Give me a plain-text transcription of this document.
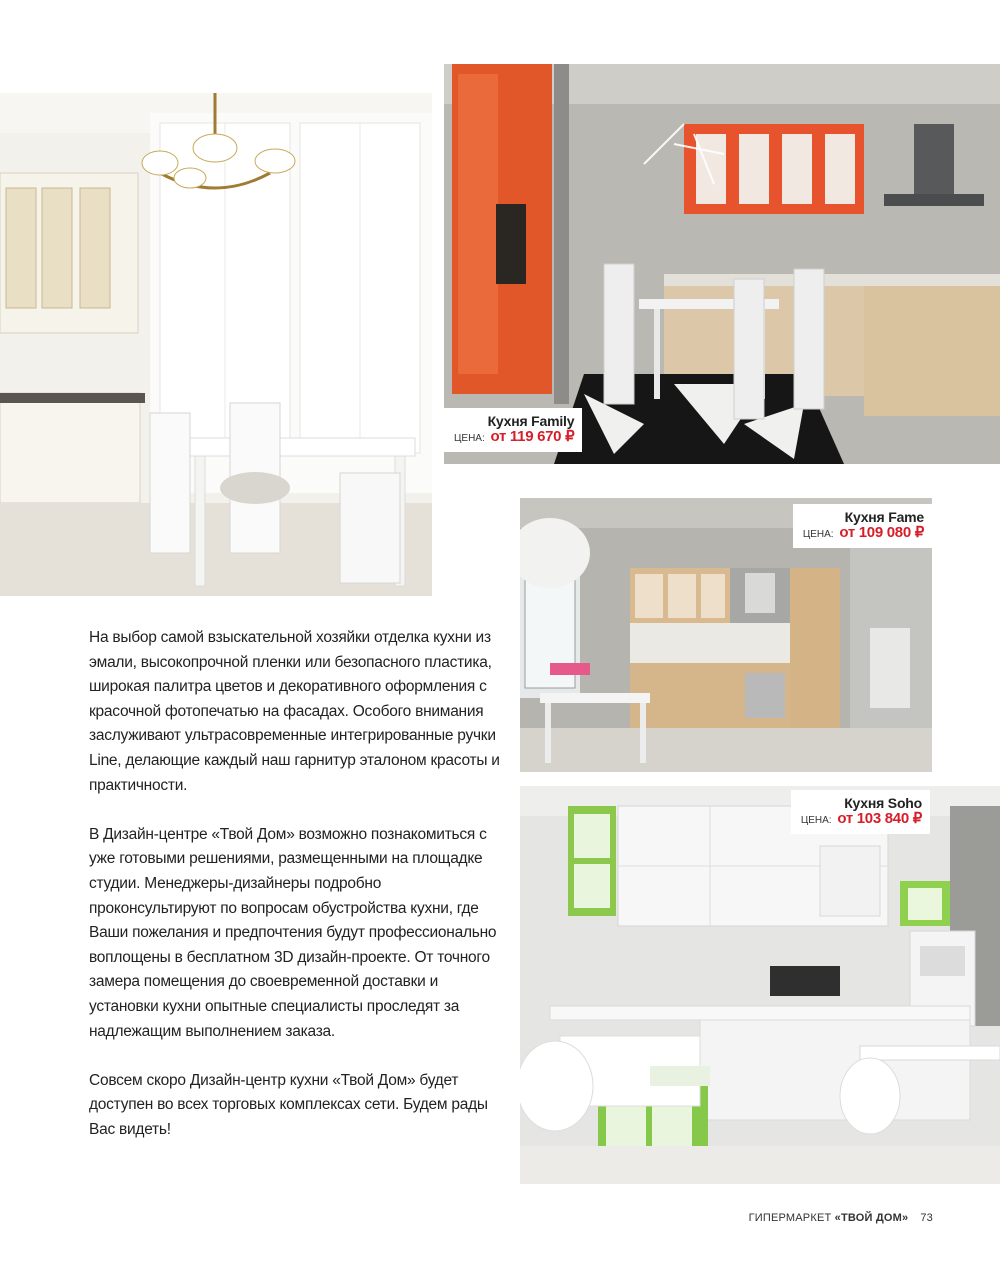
Кухня Family
ЦЕНА: от 119 670 ₽
Кухня Fame
ЦЕНА: от 109 080 ₽
Кухня Soho
ЦЕНА: от 103 840 ₽

На выбор самой взыскательной хозяйки отделка кухни из эмали, высокопрочной пленки или безопасного пластика, широкая палитра цветов и декоративного оформления с красочной фотопечатью на фасадах. Особого внимания заслуживают ультрасовременные интегрированные ручки Line, делающие каждый наш гарнитур эталоном красоты и практичности.

В Дизайн-центре «Твой Дом» возможно познакомиться с уже готовыми решениями, размещенными на площадке студии. Менеджеры-дизайнеры подробно проконсультируют по вопросам обустройства кухни, где Ваши пожелания и предпочтения будут профессионально воплощены в бесплатном 3D дизайн-проекте. От точного замера помещения до своевременной доставки и установки кухни опытные специалисты проследят за надлежащим выполнением заказа.

Совсем скоро Дизайн-центр кухни «Твой Дом» будет доступен во всех торговых комплексах сети. Будем рады Вас видеть!

ГИПЕРМАРКЕТ «ТВОЙ ДОМ» 73
